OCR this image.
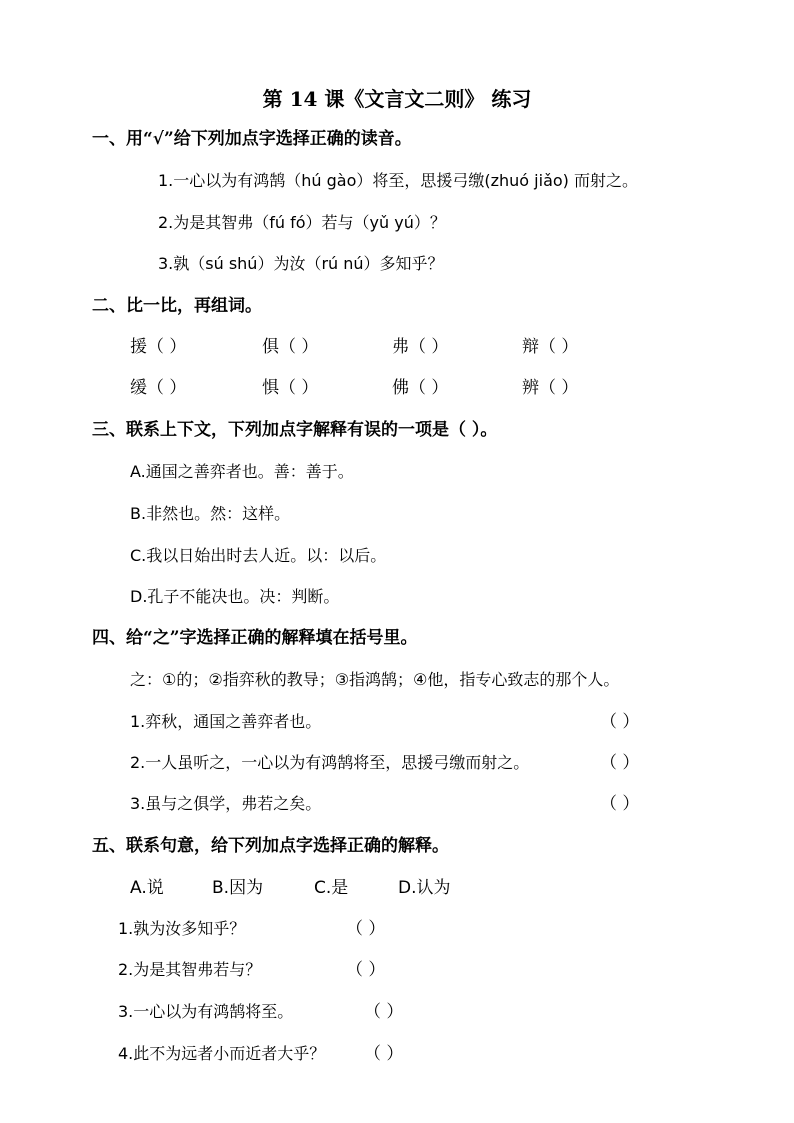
第 14 课《文言文二则》 练习
一、用“√”给下列加点字选择正确的读音。
1.一心以为有鸿鹄（hú gào）将至，思援弓缴(zhuó jiǎo) 而射之。
2.为是其智弗（fú fó）若与（yǔ yú）？
3.孰（sú shú）为汝（rú nú）多知乎？
二、比一比，再组词。
援（ ）	俱（ ）	弗（ ）	辩（ ）
缓（ ）	惧（ ）	佛（ ）	辨（ ）
三、联系上下文，下列加点字解释有误的一项是（ ）。
A.通国之善弈者也。善：善于。
B.非然也。然：这样。
C.我以日始出时去人近。以：以后。
D.孔子不能决也。决：判断。
四、给“之”字选择正确的解释填在括号里。
之：①的；②指弈秋的教导；③指鸿鹄；④他，指专心致志的那个人。
1.弈秋，通国之善弈者也。	（ ）
2.一人虽听之，一心以为有鸿鹄将至，思援弓缴而射之。	（ ）
3.虽与之俱学，弗若之矣。	（ ）
五、联系句意，给下列加点字选择正确的解释。
A.说	B.因为	C.是	D.认为
1.孰为汝多知乎？	（ ）
2.为是其智弗若与？	（ ）
3.一心以为有鸿鹄将至。	（ ）
4.此不为远者小而近者大乎？ （ ）
